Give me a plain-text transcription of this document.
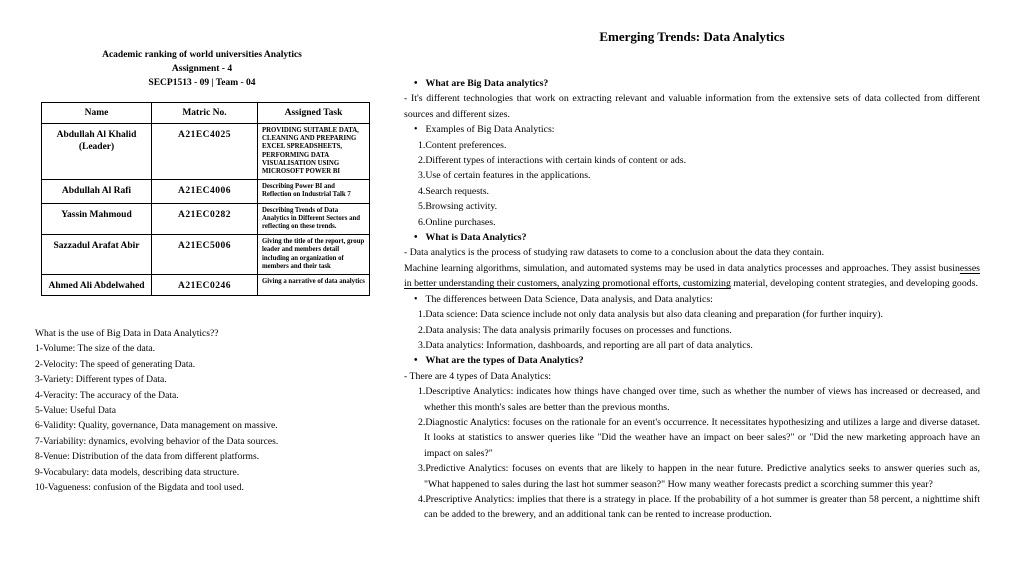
Academic ranking of world universities Analytics
Assignment - 4
SECP1513 - 09 | Team - 04
Name	Matric No.	Assigned Task
Abdullah Al Khalid (Leader)	A21EC4025	PROVIDING SUITABLE DATA, CLEANING AND PREPARING EXCEL SPREADSHEETS, PERFORMING DATA VISUALISATION USING MICROSOFT POWER BI
Abdullah Al Rafi	A21EC4006	Describing Power BI and Reflection on Industrial Talk 7
Yassin Mahmoud	A21EC0282	Describing Trends of Data Analytics in Different Sectors and reflecting on these trends.
Sazzadul Arafat Abir	A21EC5006	Giving the title of the report, group leader and members detail including an organization of members and their task
Ahmed Ali Abdelwahed	A21EC0246	Giving a narrative of data analytics
What is the use of Big Data in Data Analytics??
1-Volume: The size of the data.
2-Velocity: The speed of generating Data.
3-Variety: Different types of Data.
4-Veracity: The accuracy of the Data.
5-Value: Useful Data
6-Validity: Quality, governance, Data management on massive.
7-Variability: dynamics, evolving behavior of the Data sources.
8-Venue: Distribution of the data from different platforms.
9-Vocabulary: data models, describing data structure.
10-Vagueness: confusion of the Bigdata and tool used.
Emerging Trends: Data Analytics
• What are Big Data analytics?
- It's different technologies that work on extracting relevant and valuable information from the extensive sets of data collected from different sources and different sizes.
• Examples of Big Data Analytics:
1.Content preferences.
2.Different types of interactions with certain kinds of content or ads.
3.Use of certain features in the applications.
4.Search requests.
5.Browsing activity.
6.Online purchases.
• What is Data Analytics?
- Data analytics is the process of studying raw datasets to come to a conclusion about the data they contain.
Machine learning algorithms, simulation, and automated systems may be used in data analytics processes and approaches. They assist businesses in better understanding their customers, analyzing promotional efforts, customizing material, developing content strategies, and developing goods.
• The differences between Data Science, Data analysis, and Data analytics:
1.Data science: Data science include not only data analysis but also data cleaning and preparation (for further inquiry).
2.Data analysis: The data analysis primarily focuses on processes and functions.
3.Data analytics: Information, dashboards, and reporting are all part of data analytics.
• What are the types of Data Analytics?
- There are 4 types of Data Analytics:
1.Descriptive Analytics: indicates how things have changed over time, such as whether the number of views has increased or decreased, and whether this month's sales are better than the previous months.
2.Diagnostic Analytics: focuses on the rationale for an event's occurrence. It necessitates hypothesizing and utilizes a large and diverse dataset. It looks at statistics to answer queries like "Did the weather have an impact on beer sales?" or "Did the new marketing approach have an impact on sales?"
3.Predictive Analytics: focuses on events that are likely to happen in the near future. Predictive analytics seeks to answer queries such as, "What happened to sales during the last hot summer season?" How many weather forecasts predict a scorching summer this year?
4.Prescriptive Analytics: implies that there is a strategy in place. If the probability of a hot summer is greater than 58 percent, a nighttime shift can be added to the brewery, and an additional tank can be rented to increase production.
